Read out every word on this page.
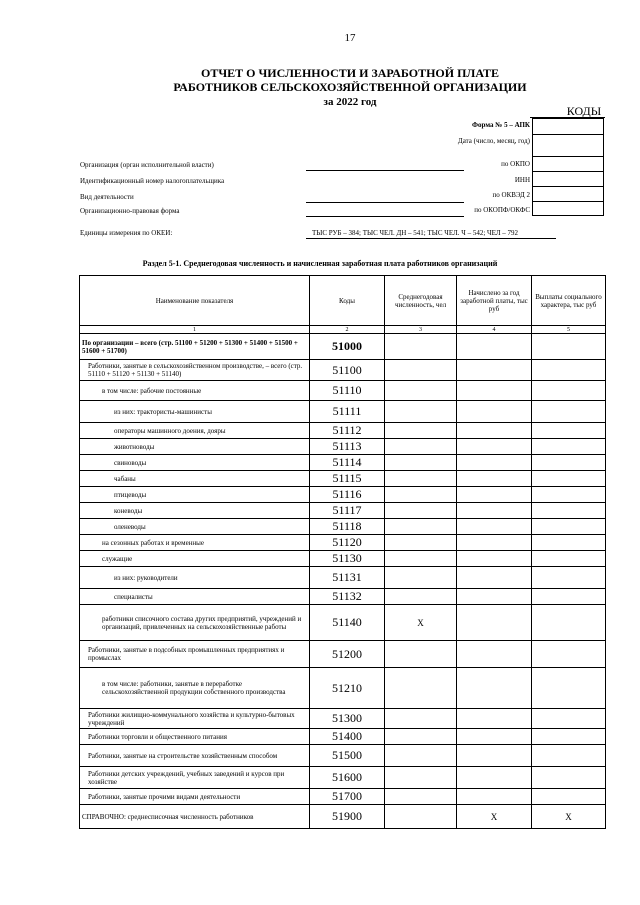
17
ОТЧЕТ О ЧИСЛЕННОСТИ И ЗАРАБОТНОЙ ПЛАТЕ
РАБОТНИКОВ СЕЛЬСКОХОЗЯЙСТВЕННОЙ ОРГАНИЗАЦИИ
за 2022 год
КОДЫ
Форма № 5 – АПК
Дата (число, месяц, год)
по ОКПО
ИНН
по ОКВЭД 2
по ОКОПФ/ОКФС
Организация (орган исполнительной власти)
Идентификационный номер налогоплательщика
Вид деятельности
Организационно-правовая форма
Единицы измерения по ОКЕИ:	ТЫС РУБ – 384; ТЫС ЧЕЛ. ДН – 541; ТЫС ЧЕЛ. Ч – 542; ЧЕЛ – 792
Раздел 5-1. Среднегодовая численность и начисленная заработная плата работников организаций
Наименование показателя	Коды	Среднегодовая численность, чел	Начислено за год заработной платы, тыс руб	Выплаты социального характера, тыс руб
1	2	3	4	5
По организации – всего (стр. 51100 + 51200 + 51300 + 51400 + 51500 + 51600 + 51700)	51000			
Работники, занятые в сельскохозяйственном производстве, – всего (стр. 51110 + 51120 + 51130 + 51140)	51100			
в том числе: рабочие постоянные	51110			
из них: трактористы-машинисты	51111			
операторы машинного доения, дояры	51112			
животноводы	51113			
свиноводы	51114			
чабаны	51115			
птицеводы	51116			
коневоды	51117			
оленеводы	51118			
на сезонных работах и временные	51120			
служащие	51130			
из них: руководители	51131			
специалисты	51132			
работники списочного состава других предприятий, учреждений и организаций, привлеченных на сельскохозяйственные работы	51140	X		
Работники, занятые в подсобных промышленных предприятиях и промыслах	51200			
в том числе: работники, занятые в переработке сельскохозяйственной продукции собственного производства	51210			
Работники жилищно-коммунального хозяйства и культурно-бытовых учреждений	51300			
Работники торговли и общественного питания	51400			
Работники, занятые на строительстве хозяйственным способом	51500			
Работники детских учреждений, учебных заведений и курсов при хозяйстве	51600			
Работники, занятые прочими видами деятельности	51700			
СПРАВОЧНО: среднесписочная численность работников	51900		X	X
